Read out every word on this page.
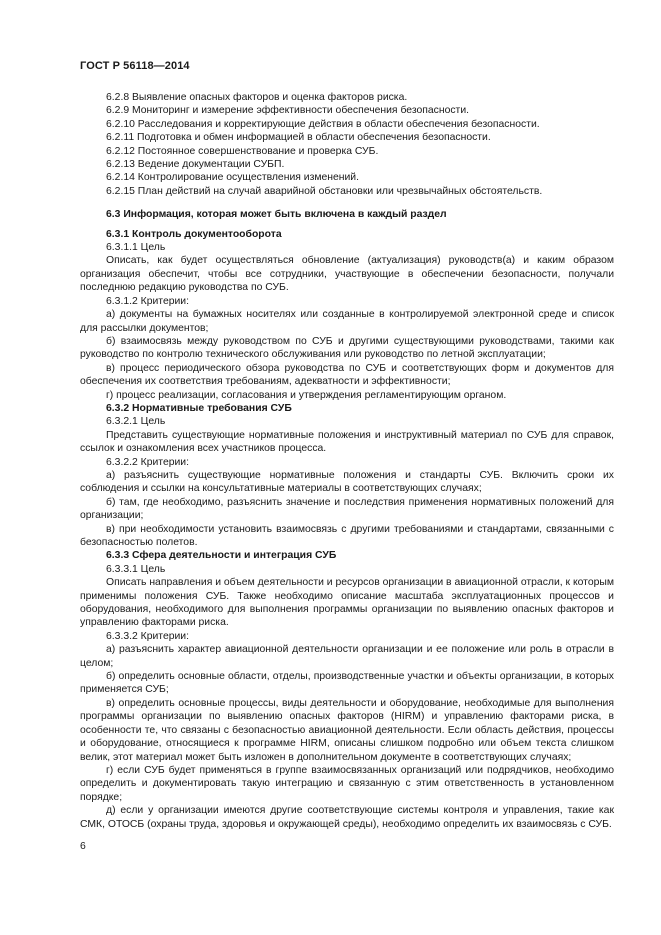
ГОСТ Р 56118—2014

6.2.8 Выявление опасных факторов и оценка факторов риска.

6.2.9 Мониторинг и измерение эффективности обеспечения безопасности.

6.2.10 Расследования и корректирующие действия в области обеспечения безопасности.

6.2.11 Подготовка и обмен информацией в области обеспечения безопасности.

6.2.12 Постоянное совершенствование и проверка СУБ.

6.2.13 Ведение документации СУБП.

6.2.14 Контролирование осуществления изменений.

6.2.15 План действий на случай аварийной обстановки или чрезвычайных обстоятельств.

6.3 Информация, которая может быть включена в каждый раздел

6.3.1 Контроль документооборота

6.3.1.1 Цель

Описать, как будет осуществляться обновление (актуализация) руководств(а) и каким образом организация обеспечит, чтобы все сотрудники, участвующие в обеспечении безопасности, получали последнюю редакцию руководства по СУБ.

6.3.1.2 Критерии:

а) документы на бумажных носителях или созданные в контролируемой электронной среде и список для рассылки документов;

б) взаимосвязь между руководством по СУБ и другими существующими руководствами, такими как руководство по контролю технического обслуживания или руководство по летной эксплуатации;

в) процесс периодического обзора руководства по СУБ и соответствующих форм и документов для обеспечения их соответствия требованиям, адекватности и эффективности;

г) процесс реализации, согласования и утверждения регламентирующим органом.

6.3.2 Нормативные требования СУБ

6.3.2.1 Цель

Представить существующие нормативные положения и инструктивный материал по СУБ для справок, ссылок и ознакомления всех участников процесса.

6.3.2.2 Критерии:

а) разъяснить существующие нормативные положения и стандарты СУБ. Включить сроки их соблюдения и ссылки на консультативные материалы в соответствующих случаях;

б) там, где необходимо, разъяснить значение и последствия применения нормативных положений для организации;

в) при необходимости установить взаимосвязь с другими требованиями и стандартами, связанными с безопасностью полетов.

6.3.3 Сфера деятельности и интеграция СУБ

6.3.3.1 Цель

Описать направления и объем деятельности и ресурсов организации в авиационной отрасли, к которым применимы положения СУБ. Также необходимо описание масштаба эксплуатационных процессов и оборудования, необходимого для выполнения программы организации по выявлению опасных факторов и управлению факторами риска.

6.3.3.2 Критерии:

а) разъяснить характер авиационной деятельности организации и ее положение или роль в отрасли в целом;

б) определить основные области, отделы, производственные участки и объекты организации, в которых применяется СУБ;

в) определить основные процессы, виды деятельности и оборудование, необходимые для выполнения программы организации по выявлению опасных факторов (HIRM) и управлению факторами риска, в особенности те, что связаны с безопасностью авиационной деятельности. Если область действия, процессы и оборудование, относящиеся к программе HIRM, описаны слишком подробно или объем текста слишком велик, этот материал может быть изложен в дополнительном документе в соответствующих случаях;

г) если СУБ будет применяться в группе взаимосвязанных организаций или подрядчиков, необходимо определить и документировать такую интеграцию и связанную с этим ответственность в установленном порядке;

д) если у организации имеются другие соответствующие системы контроля и управления, такие как СМК, ОТОСБ (охраны труда, здоровья и окружающей среды), необходимо определить их взаимосвязь с СУБ.

6
